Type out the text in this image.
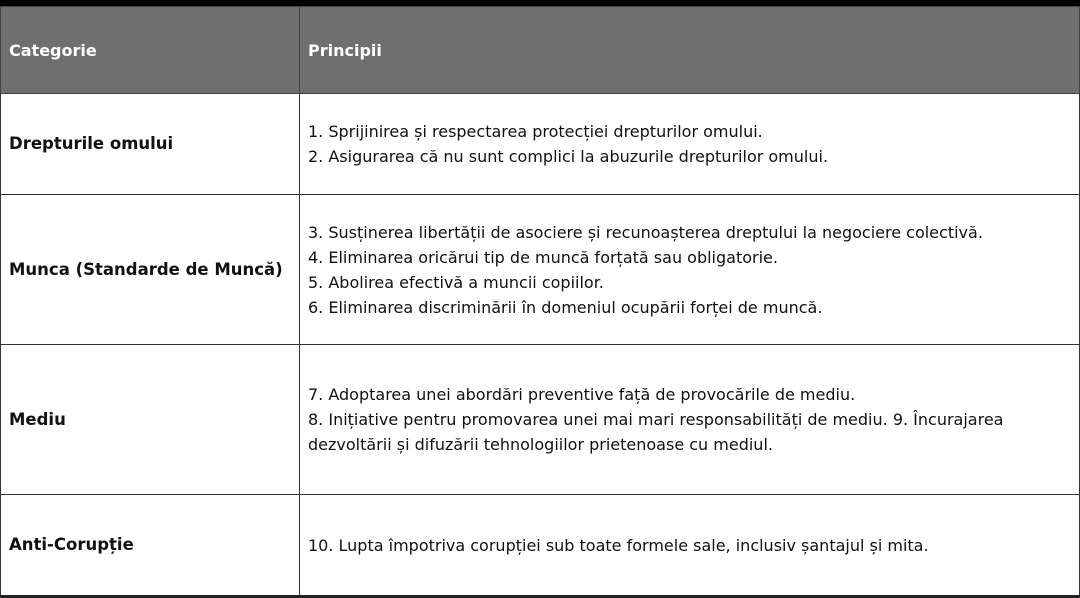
Categorie	Principii
Drepturile omului	1. Sprijinirea și respectarea protecției drepturilor omului.
2. Asigurarea că nu sunt complici la abuzurile drepturilor omului.

Munca (Standarde de Muncă)	3. Susținerea libertății de asociere și recunoașterea dreptului la negociere colectivă.
4. Eliminarea oricărui tip de muncă forțată sau obligatorie.
5. Abolirea efectivă a muncii copiilor.
6. Eliminarea discriminării în domeniul ocupării forței de muncă.

Mediu	7. Adoptarea unei abordări preventive față de provocările de mediu.
8. Inițiative pentru promovarea unei mai mari responsabilități de mediu. 9. Încurajarea dezvoltării și difuzării tehnologiilor prietenoase cu mediul.

Anti-Corupție	10. Lupta împotriva corupției sub toate formele sale, inclusiv șantajul și mita.
